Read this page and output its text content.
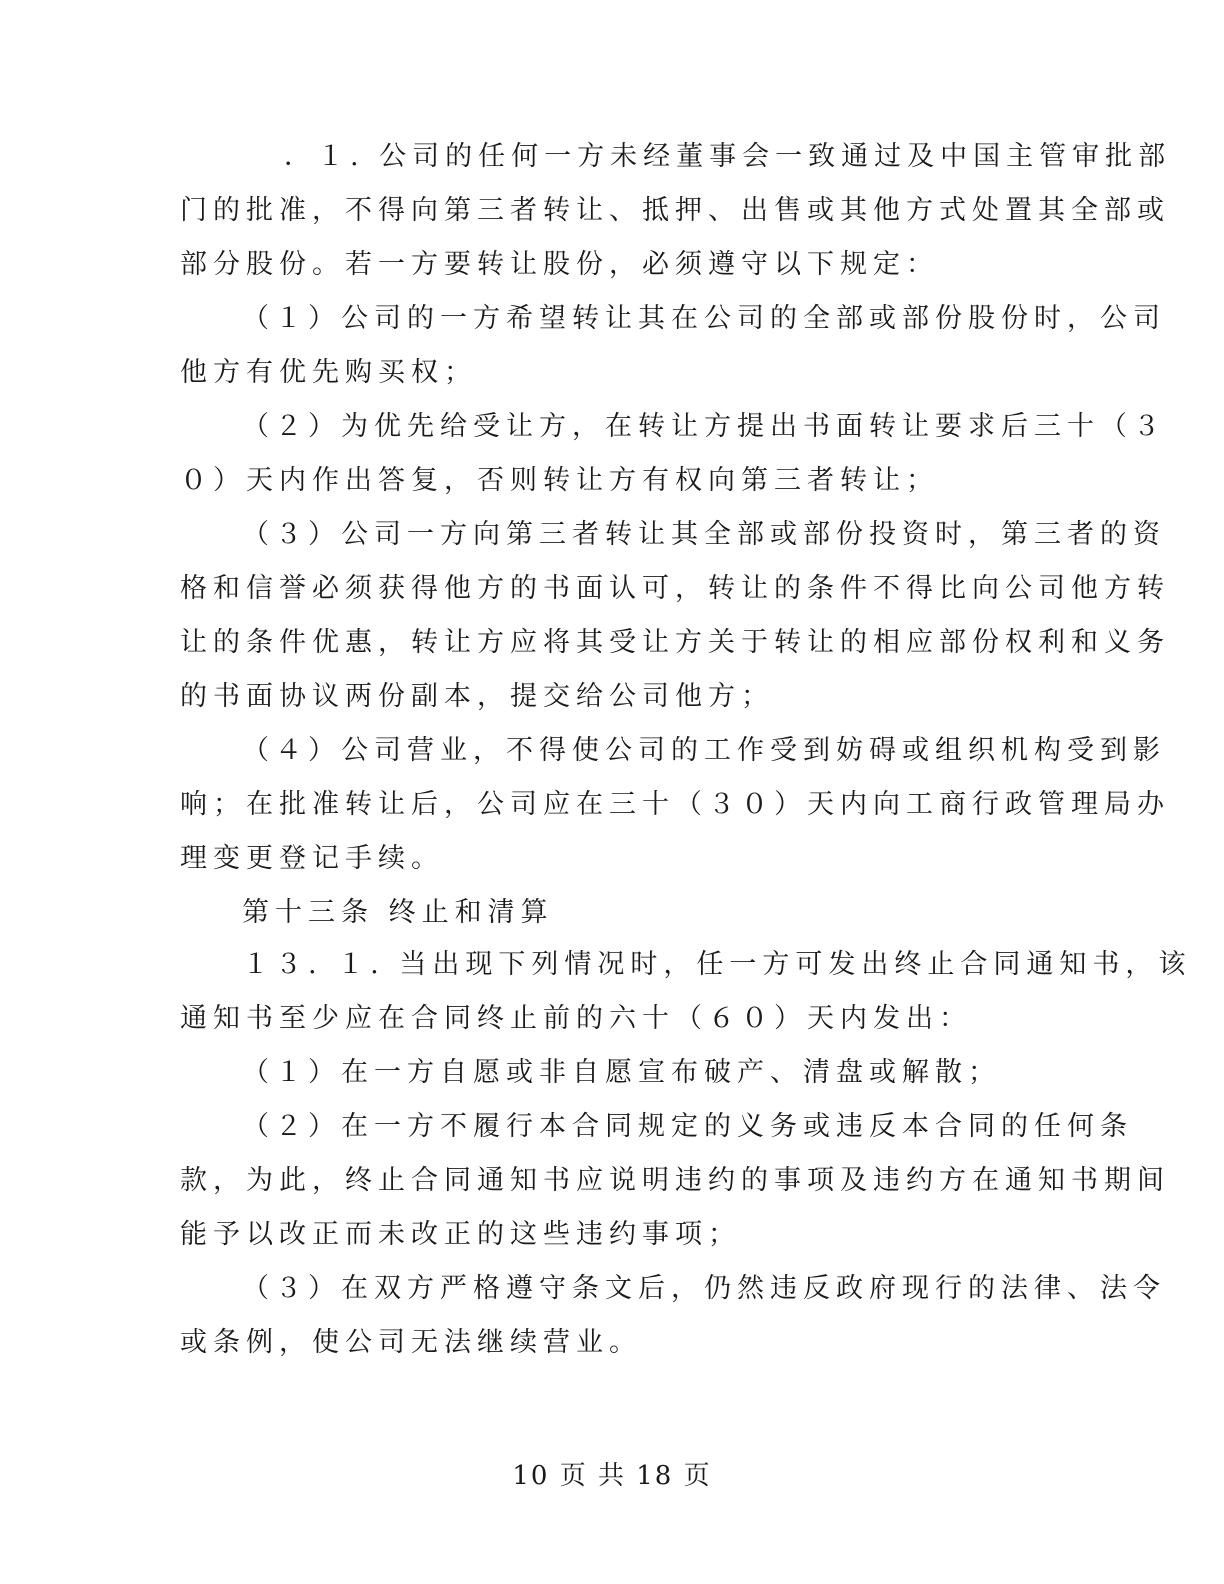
．１. 公司的任何一方未经董事会一致通过及中国主管审批部
门的批准，不得向第三者转让、抵押、出售或其他方式处置其全部或
部分股份。若一方要转让股份，必须遵守以下规定：
（１）公司的一方希望转让其在公司的全部或部份股份时，公司
他方有优先购买权；
（２）为优先给受让方，在转让方提出书面转让要求后三十（３
０）天内作出答复，否则转让方有权向第三者转让；
（３）公司一方向第三者转让其全部或部份投资时，第三者的资
格和信誉必须获得他方的书面认可，转让的条件不得比向公司他方转
让的条件优惠，转让方应将其受让方关于转让的相应部份权利和义务
的书面协议两份副本，提交给公司他方；
（４）公司营业，不得使公司的工作受到妨碍或组织机构受到影
响；在批准转让后，公司应在三十（３０）天内向工商行政管理局办
理变更登记手续。
第十三条 终止和清算
１３. １. 当出现下列情况时，任一方可发出终止合同通知书，该
通知书至少应在合同终止前的六十（６０）天内发出：
（１）在一方自愿或非自愿宣布破产、清盘或解散；
（２）在一方不履行本合同规定的义务或违反本合同的任何条
款，为此，终止合同通知书应说明违约的事项及违约方在通知书期间
能予以改正而未改正的这些违约事项；
（３）在双方严格遵守条文后，仍然违反政府现行的法律、法令
或条例，使公司无法继续营业。
10 页 共 18 页
